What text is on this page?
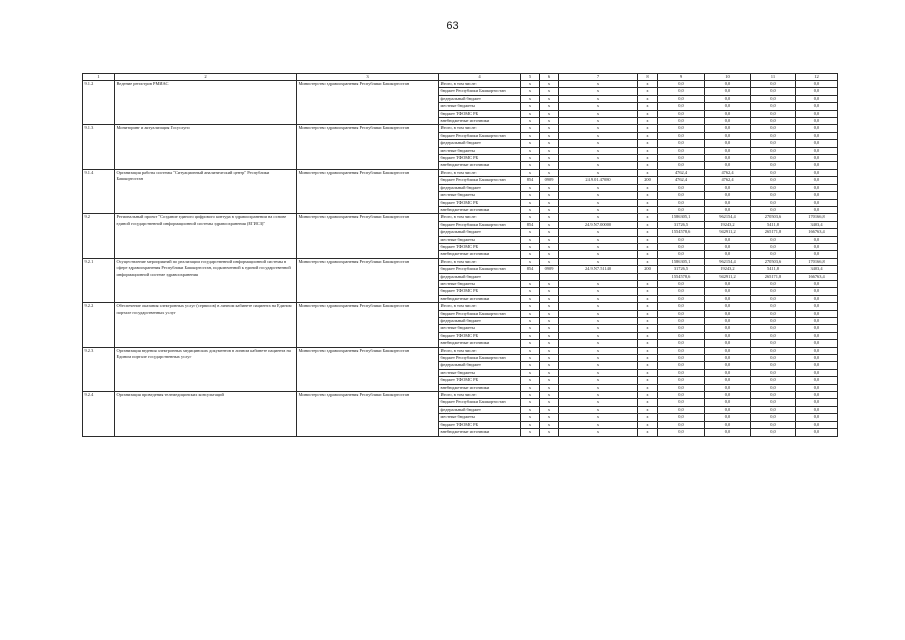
63
1	2	3	4	5	6	7	8	9	10	11	12
9.1.2	Ведение регистров РМИАС	Министерство здравоохранения Республики Башкортостан	Итого, в том числе:	x	x	x	x	0,0	0,0	0,0	0,0
			бюджет Республики Башкортостан	x	x	x	x	0,0	0,0	0,0	0,0

			федеральный бюджет	x	x	x	x	0,0	0,0	0,0	0,0
			местные бюджеты	x	x	x	x	0,0	0,0	0,0	0,0
			бюджет ТФОМС РБ	x	x	x	x	0,0	0,0	0,0	0,0
			внебюджетные источники	x	x	x	x	0,0	0,0	0,0	0,0
9.1.3	Мониторинг и актуализация Госуслуги	Министерство здравоохранения Республики Башкортостан	Итого, в том числе:	x	x	x	x	0,0	0,0	0,0	0,0
			бюджет Республики Башкортостан	x	x	x	x	0,0	0,0	0,0	0,0

			федеральный бюджет	x	x	x	x	0,0	0,0	0,0	0,0
			местные бюджеты	x	x	x	x	0,0	0,0	0,0	0,0
			бюджет ТФОМС РБ	x	x	x	x	0,0	0,0	0,0	0,0
			внебюджетные источники	x	x	x	x	0,0	0,0	0,0	0,0
9.1.4	Организация работы системы "Ситуационный аналитический центр" Республики Башкортостан	Министерство здравоохранения Республики Башкортостан	Итого, в том числе:	x	x	x	x	4762,4	4762,4	0,0	0,0
			бюджет Республики Башкортостан	854	0909	24.9.01.47080	200	4762,4	4762,4	0,0	0,0

			федеральный бюджет	x	x	x	x	0,0	0,0	0,0	0,0
			местные бюджеты	x	x	x	x	0,0	0,0	0,0	0,0
			бюджет ТФОМС РБ	x	x	x	x	0,0	0,0	0,0	0,0
			внебюджетные источники	x	x	x	x	0,0	0,0	0,0	0,0
9.2	Региональный проект "Создание единого цифрового контура в здравоохранении на основе единой государственной информационной системы здравоохранения (ЕГИСЗ)"	Министерство здравоохранения Республики Башкортостан	Итого, в том числе:	x	x	x	x	1586305,1	962154,4	270503,6	170166,8
			бюджет Республики Башкортостан	854	x	24.9.N7.00000	x	31726,5	19243,2	5411,8	3403,4

			федеральный бюджет	x	x	x	x	1554578,6	942911,2	265171,8	166763,4
			местные бюджеты	x	x	x	x	0,0	0,0	0,0	0,0
			бюджет ТФОМС РБ	x	x	x	x	0,0	0,0	0,0	0,0
			внебюджетные источники	x	x	x	x	0,0	0,0	0,0	0,0
9.2.1	Осуществление мероприятий по реализации государственной информационной системы в сфере здравоохранения Республики Башкортостан, подключенной к единой государственной информационной системе здравоохранения	Министерство здравоохранения Республики Башкортостан	Итого, в том числе:	x	x	x	x	1586305,1	962154,4	270503,6	170166,8
			бюджет Республики Башкортостан	854	0909	24.9.N7.51140	200	31726,5	19243,2	5411,8	3403,4

			федеральный бюджет					1554578,6	942911,2	265171,8	166763,4
			местные бюджеты	x	x	x	x	0,0	0,0	0,0	0,0
			бюджет ТФОМС РБ	x	x	x	x	0,0	0,0	0,0	0,0
			внебюджетные источники	x	x	x	x	0,0	0,0	0,0	0,0
9.2.2	Обеспечение оказания электронных услуг (сервисов) в личном кабинете пациента на Едином портале государственных услуг	Министерство здравоохранения Республики Башкортостан	Итого, в том числе:	x	x	x	x	0,0	0,0	0,0	0,0
			бюджет Республики Башкортостан	x	x	x	x	0,0	0,0	0,0	0,0

			федеральный бюджет	x	x	x	x	0,0	0,0	0,0	0,0
			местные бюджеты	x	x	x	x	0,0	0,0	0,0	0,0
			бюджет ТФОМС РБ	x	x	x	x	0,0	0,0	0,0	0,0
			внебюджетные источники	x	x	x	x	0,0	0,0	0,0	0,0
9.2.3	Организация ведения электронных медицинских документов в личном кабинете пациента на Едином портале государственных услуг	Министерство здравоохранения Республики Башкортостан	Итого, в том числе:	x	x	x	x	0,0	0,0	0,0	0,0
			бюджет Республики Башкортостан	x	x	x	x	0,0	0,0	0,0	0,0

			федеральный бюджет	x	x	x	x	0,0	0,0	0,0	0,0
			местные бюджеты	x	x	x	x	0,0	0,0	0,0	0,0
			бюджет ТФОМС РБ	x	x	x	x	0,0	0,0	0,0	0,0
			внебюджетные источники	x	x	x	x	0,0	0,0	0,0	0,0
9.2.4	Организация проведения телемедицинских консультаций	Министерство здравоохранения Республики Башкортостан	Итого, в том числе:	x	x	x	x	0,0	0,0	0,0	0,0
			бюджет Республики Башкортостан	x	x	x	x	0,0	0,0	0,0	0,0

			федеральный бюджет	x	x	x	x	0,0	0,0	0,0	0,0
			местные бюджеты	x	x	x	x	0,0	0,0	0,0	0,0
			бюджет ТФОМС РБ	x	x	x	x	0,0	0,0	0,0	0,0
			внебюджетные источники	x	x	x	x	0,0	0,0	0,0	0,0
